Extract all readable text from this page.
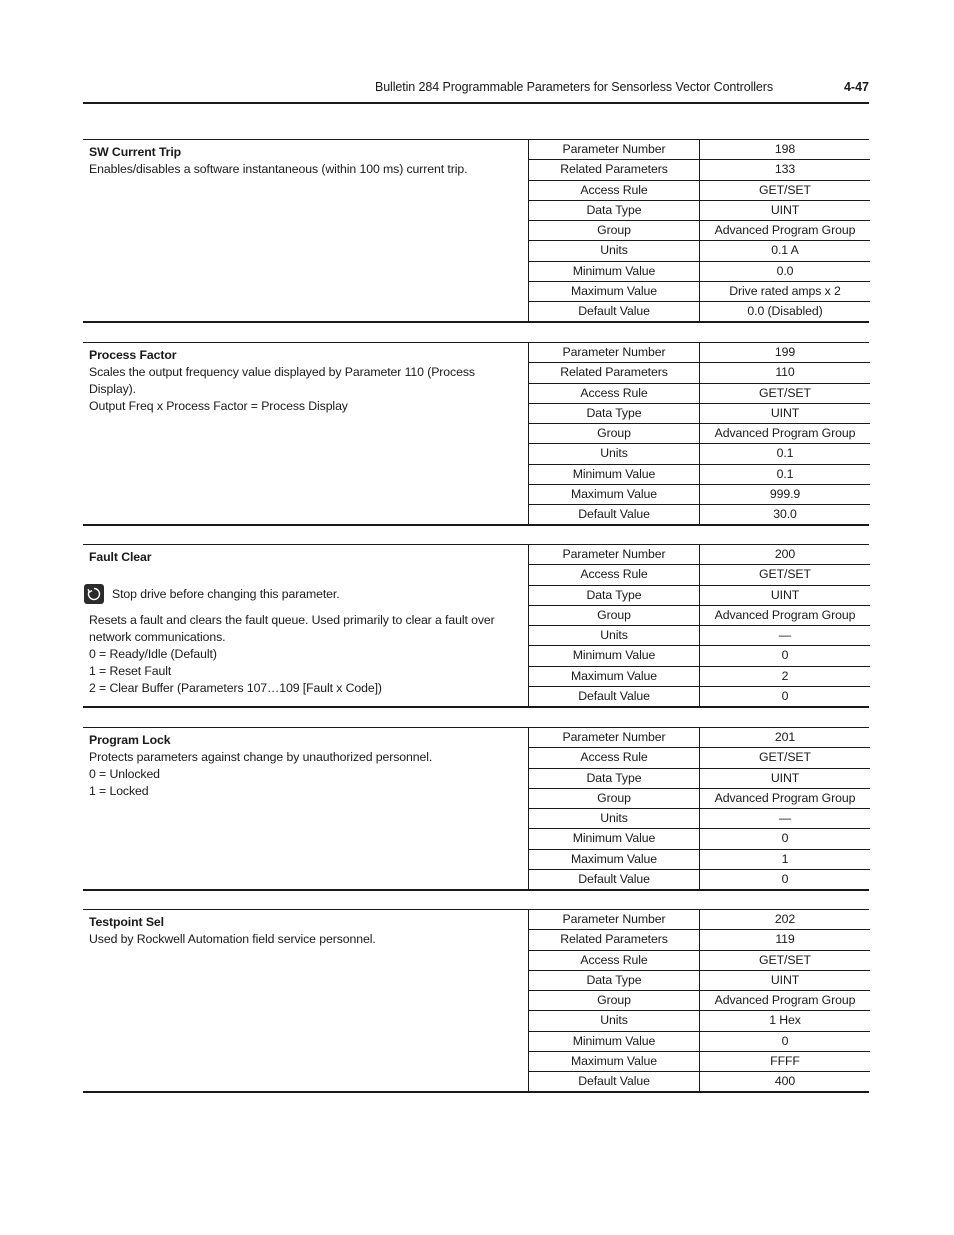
Bulletin 284 Programmable Parameters for Sensorless Vector Controllers	4-47
SW Current Trip
Enables/disables a software instantaneous (within 100 ms) current trip.
Parameter Number	198
Related Parameters	133
Access Rule	GET/SET
Data Type	UINT
Group	Advanced Program Group
Units	0.1 A
Minimum Value	0.0
Maximum Value	Drive rated amps x 2
Default Value	0.0 (Disabled)
Process Factor
Scales the output frequency value displayed by Parameter 110 (Process Display).
Output Freq x Process Factor = Process Display
Parameter Number	199
Related Parameters	110
Access Rule	GET/SET
Data Type	UINT
Group	Advanced Program Group
Units	0.1
Minimum Value	0.1
Maximum Value	999.9
Default Value	30.0
Fault Clear
Stop drive before changing this parameter.
Resets a fault and clears the fault queue. Used primarily to clear a fault over network communications.
0 = Ready/Idle (Default)
1 = Reset Fault
2 = Clear Buffer (Parameters 107…109 [Fault x Code])
Parameter Number	200
Access Rule	GET/SET
Data Type	UINT
Group	Advanced Program Group
Units	—
Minimum Value	0
Maximum Value	2
Default Value	0
Program Lock
Protects parameters against change by unauthorized personnel.
0 = Unlocked
1 = Locked
Parameter Number	201
Access Rule	GET/SET
Data Type	UINT
Group	Advanced Program Group
Units	—
Minimum Value	0
Maximum Value	1
Default Value	0
Testpoint Sel
Used by Rockwell Automation field service personnel.
Parameter Number	202
Related Parameters	119
Access Rule	GET/SET
Data Type	UINT
Group	Advanced Program Group
Units	1 Hex
Minimum Value	0
Maximum Value	FFFF
Default Value	400
